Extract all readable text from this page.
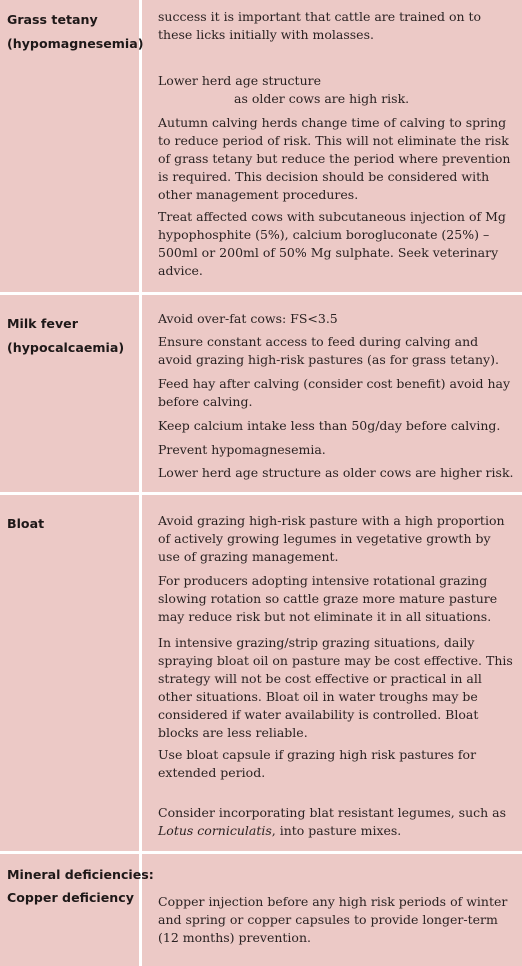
Grass tetany
(hypomagnesemia)

success it is important that cattle are trained on to these licks initially with molasses.

Lower herd age structure

as older cows are high risk.

Autumn calving herds change time of calving to spring to reduce period of risk. This will not eliminate the risk of grass tetany but reduce the period where prevention is required. This decision should be considered with other management procedures.

Treat affected cows with subcutaneous injection of Mg hypophosphite (5%), calcium borogluconate (25%) – 500ml or 200ml of 50% Mg sulphate. Seek veterinary advice.

Milk fever
(hypocalcaemia)

Avoid over-fat cows: FS<3.5

Ensure constant access to feed during calving and avoid grazing high-risk pastures (as for grass tetany).

Feed hay after calving (consider cost benefit) avoid hay before calving.

Keep calcium intake less than 50g/day before calving.

Prevent hypomagnesemia.

Lower herd age structure as older cows are higher risk.

Bloat	Avoid grazing high-risk pasture with a high proportion of actively growing legumes in vegetative growth by use of grazing management.

For producers adopting intensive rotational grazing slowing rotation so cattle graze more mature pasture may reduce risk but not eliminate it in all situations.

In intensive grazing/strip grazing situations, daily spraying bloat oil on pasture may be cost effective. This strategy will not be cost effective or practical in all other situations. Bloat oil in water troughs may be considered if water availability is controlled. Bloat blocks are less reliable.

Use bloat capsule if grazing high risk pastures for extended period.

Consider incorporating blat resistant legumes, such as Lotus corniculatis, into pasture mixes.

Mineral deficiencies:
Copper deficiency Copper injection before any high risk periods of winter and spring or copper capsules to provide longer-term (12 months) prevention.
